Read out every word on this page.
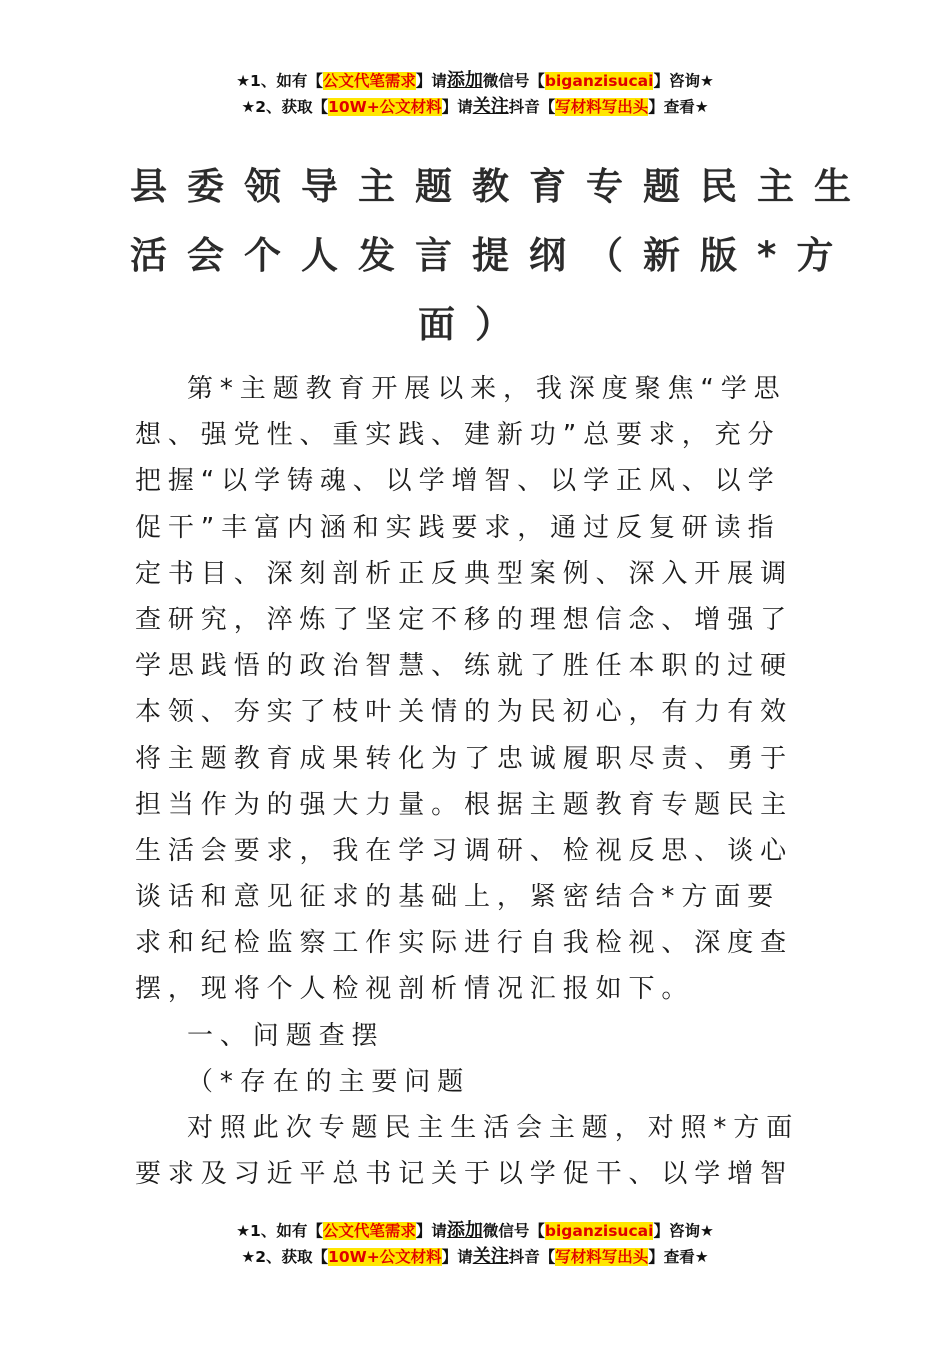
★1、如有【公文代笔需求】请添加微信号【biganzisucai】咨询★
★2、获取【10W+公文材料】请关注抖音【写材料写出头】查看★
县委领导主题教育专题民主生
活会个人发言提纲（新版*方
面）
第*主题教育开展以来，我深度聚焦“学思
想、强党性、重实践、建新功”总要求，充分
把握“以学铸魂、以学增智、以学正风、以学
促干”丰富内涵和实践要求，通过反复研读指
定书目、深刻剖析正反典型案例、深入开展调
查研究，淬炼了坚定不移的理想信念、增强了
学思践悟的政治智慧、练就了胜任本职的过硬
本领、夯实了枝叶关情的为民初心，有力有效
将主题教育成果转化为了忠诚履职尽责、勇于
担当作为的强大力量。根据主题教育专题民主
生活会要求，我在学习调研、检视反思、谈心
谈话和意见征求的基础上，紧密结合*方面要
求和纪检监察工作实际进行自我检视、深度查
摆，现将个人检视剖析情况汇报如下。
一、问题查摆
（*存在的主要问题
对照此次专题民主生活会主题，对照*方面
要求及习近平总书记关于以学促干、以学增智
★1、如有【公文代笔需求】请添加微信号【biganzisucai】咨询★
★2、获取【10W+公文材料】请关注抖音【写材料写出头】查看★
